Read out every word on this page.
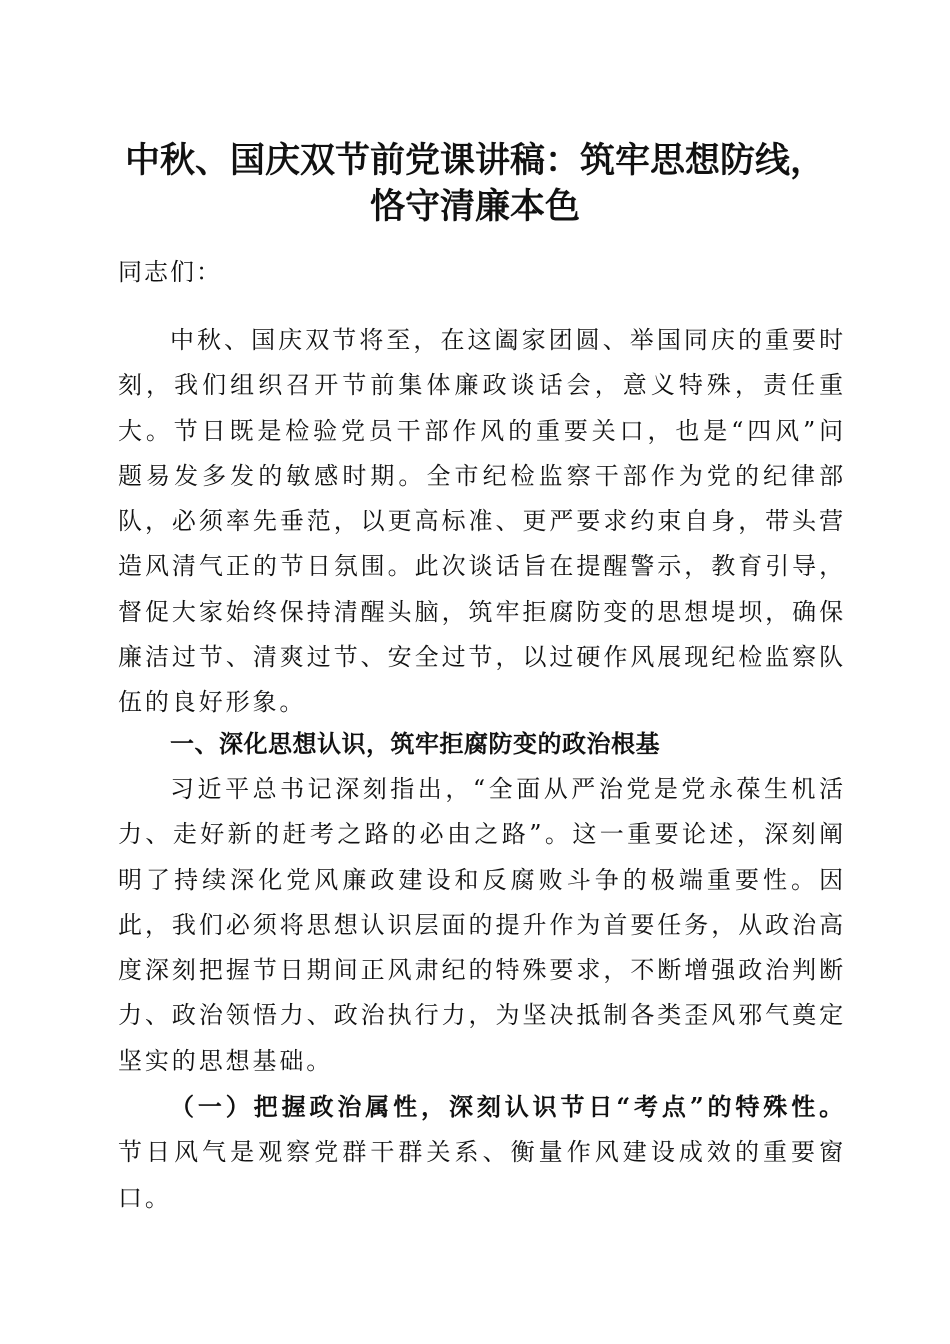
中秋、国庆双节前党课讲稿：筑牢思想防线，
恪守清廉本色

同志们：

中秋、国庆双节将至，在这阖家团圆、举国同庆的重要时刻，我们组织召开节前集体廉政谈话会，意义特殊，责任重大。节日既是检验党员干部作风的重要关口，也是“四风”问题易发多发的敏感时期。全市纪检监察干部作为党的纪律部队，必须率先垂范，以更高标准、更严要求约束自身，带头营造风清气正的节日氛围。此次谈话旨在提醒警示，教育引导，督促大家始终保持清醒头脑，筑牢拒腐防变的思想堤坝，确保廉洁过节、清爽过节、安全过节，以过硬作风展现纪检监察队伍的良好形象。

一、深化思想认识，筑牢拒腐防变的政治根基

习近平总书记深刻指出，“全面从严治党是党永葆生机活力、走好新的赶考之路的必由之路”。这一重要论述，深刻阐明了持续深化党风廉政建设和反腐败斗争的极端重要性。因此，我们必须将思想认识层面的提升作为首要任务，从政治高度深刻把握节日期间正风肃纪的特殊要求，不断增强政治判断力、政治领悟力、政治执行力，为坚决抵制各类歪风邪气奠定坚实的思想基础。

（一）把握政治属性，深刻认识节日“考点”的特殊性。节日风气是观察党群干群关系、衡量作风建设成效的重要窗口。
